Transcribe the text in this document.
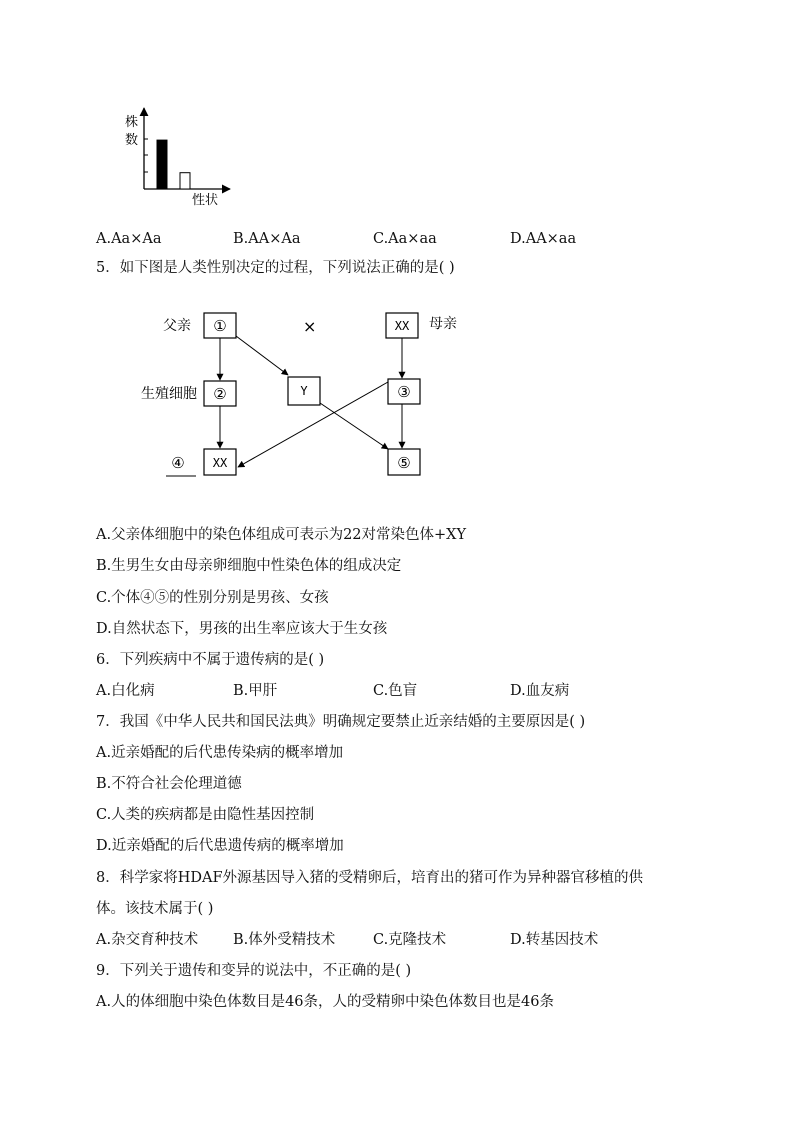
株
数
性状
A.Aa×Aa	B.AA×Aa	C.Aa×aa	D.AA×aa
5．如下图是人类性别决定的过程，下列说法正确的是( )
父亲	母亲
×
生殖细胞
①	XX
②	Y	③
XX	⑤
④
A.父亲体细胞中的染色体组成可表示为22对常染色体+XY
B.生男生女由母亲卵细胞中性染色体的组成决定
C.个体④⑤的性别分别是男孩、女孩
D.自然状态下，男孩的出生率应该大于生女孩
6．下列疾病中不属于遗传病的是( )
A.白化病	B.甲肝	C.色盲	D.血友病
7．我国《中华人民共和国民法典》明确规定要禁止近亲结婚的主要原因是( )
A.近亲婚配的后代患传染病的概率增加
B.不符合社会伦理道德
C.人类的疾病都是由隐性基因控制
D.近亲婚配的后代患遗传病的概率增加
8．科学家将HDAF外源基因导入猪的受精卵后，培育出的猪可作为异种器官移植的供
体。该技术属于( )
A.杂交育种技术 B.体外受精技术	C.克隆技术	D.转基因技术
9．下列关于遗传和变异的说法中，不正确的是( )
A.人的体细胞中染色体数目是46条，人的受精卵中染色体数目也是46条
